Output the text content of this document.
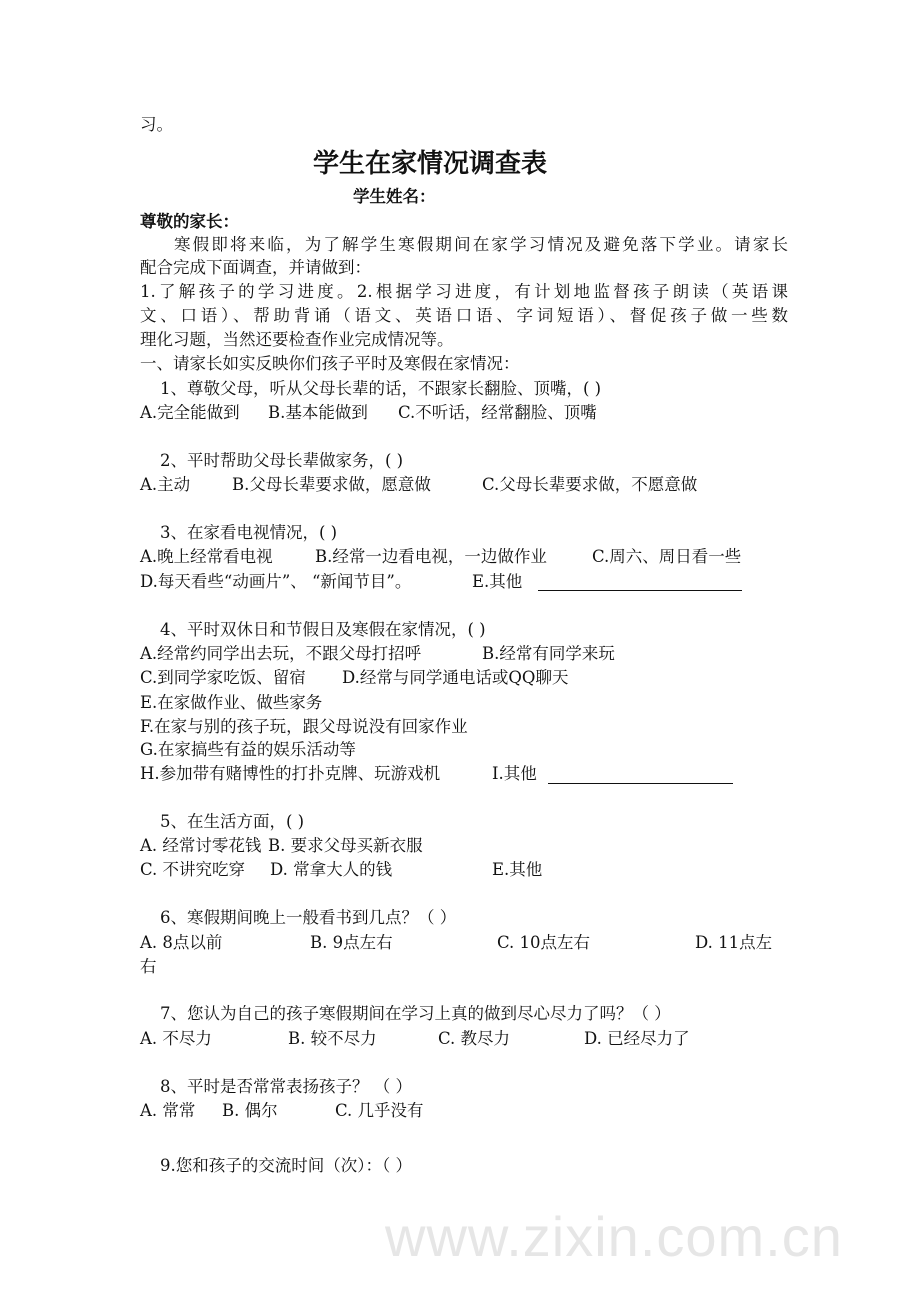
www.zixin.com.cn
习。
学生在家情况调查表
学生姓名：
尊敬的家长：
寒假即将来临，为了解学生寒假期间在家学习情况及避免落下学业。请家长
配合完成下面调查，并请做到：
1.了解孩子的学习进度。2.根据学习进度，有计划地监督孩子朗读（英语课
文、口语）、帮助背诵（语文、英语口语、字词短语）、督促孩子做一些数
理化习题，当然还要检查作业完成情况等。
一、请家长如实反映你们孩子平时及寒假在家情况：
1、尊敬父母，听从父母长辈的话，不跟家长翻脸、顶嘴，( )
A.完全能做到 B.基本能做到 C.不听话，经常翻脸、顶嘴
2、平时帮助父母长辈做家务，( )
A.主动	B.父母长辈要求做，愿意做	C.父母长辈要求做，不愿意做
3、在家看电视情况，( )
A.晚上经常看电视	B.经常一边看电视，一边做作业	C.周六、周日看一些
D.每天看些“动画片”、 “新闻节目”。	E.其他
4、平时双休日和节假日及寒假在家情况，( )
A.经常约同学出去玩，不跟父母打招呼	B.经常有同学来玩
C.到同学家吃饭、留宿 D.经常与同学通电话或QQ聊天
E.在家做作业、做些家务
F.在家与别的孩子玩，跟父母说没有回家作业
G.在家搞些有益的娱乐活动等
H.参加带有赌博性的打扑克牌、玩游戏机	I.其他
5、在生活方面，( )
A. 经常讨零花钱 B. 要求父母买新衣服
C. 不讲究吃穿 D. 常拿大人的钱	E.其他
6、寒假期间晚上一般看书到几点？（ ）
A. 8点以前	B. 9点左右	C. 10点左右	D. 11点左
右
7、您认为自己的孩子寒假期间在学习上真的做到尽心尽力了吗？（ ）
A. 不尽力	B. 较不尽力	C. 教尽力	D. 已经尽力了
8、平时是否常常表扬孩子？ （ ）
A. 常常 B. 偶尔	C. 几乎没有
9.您和孩子的交流时间（次）：（ ）
